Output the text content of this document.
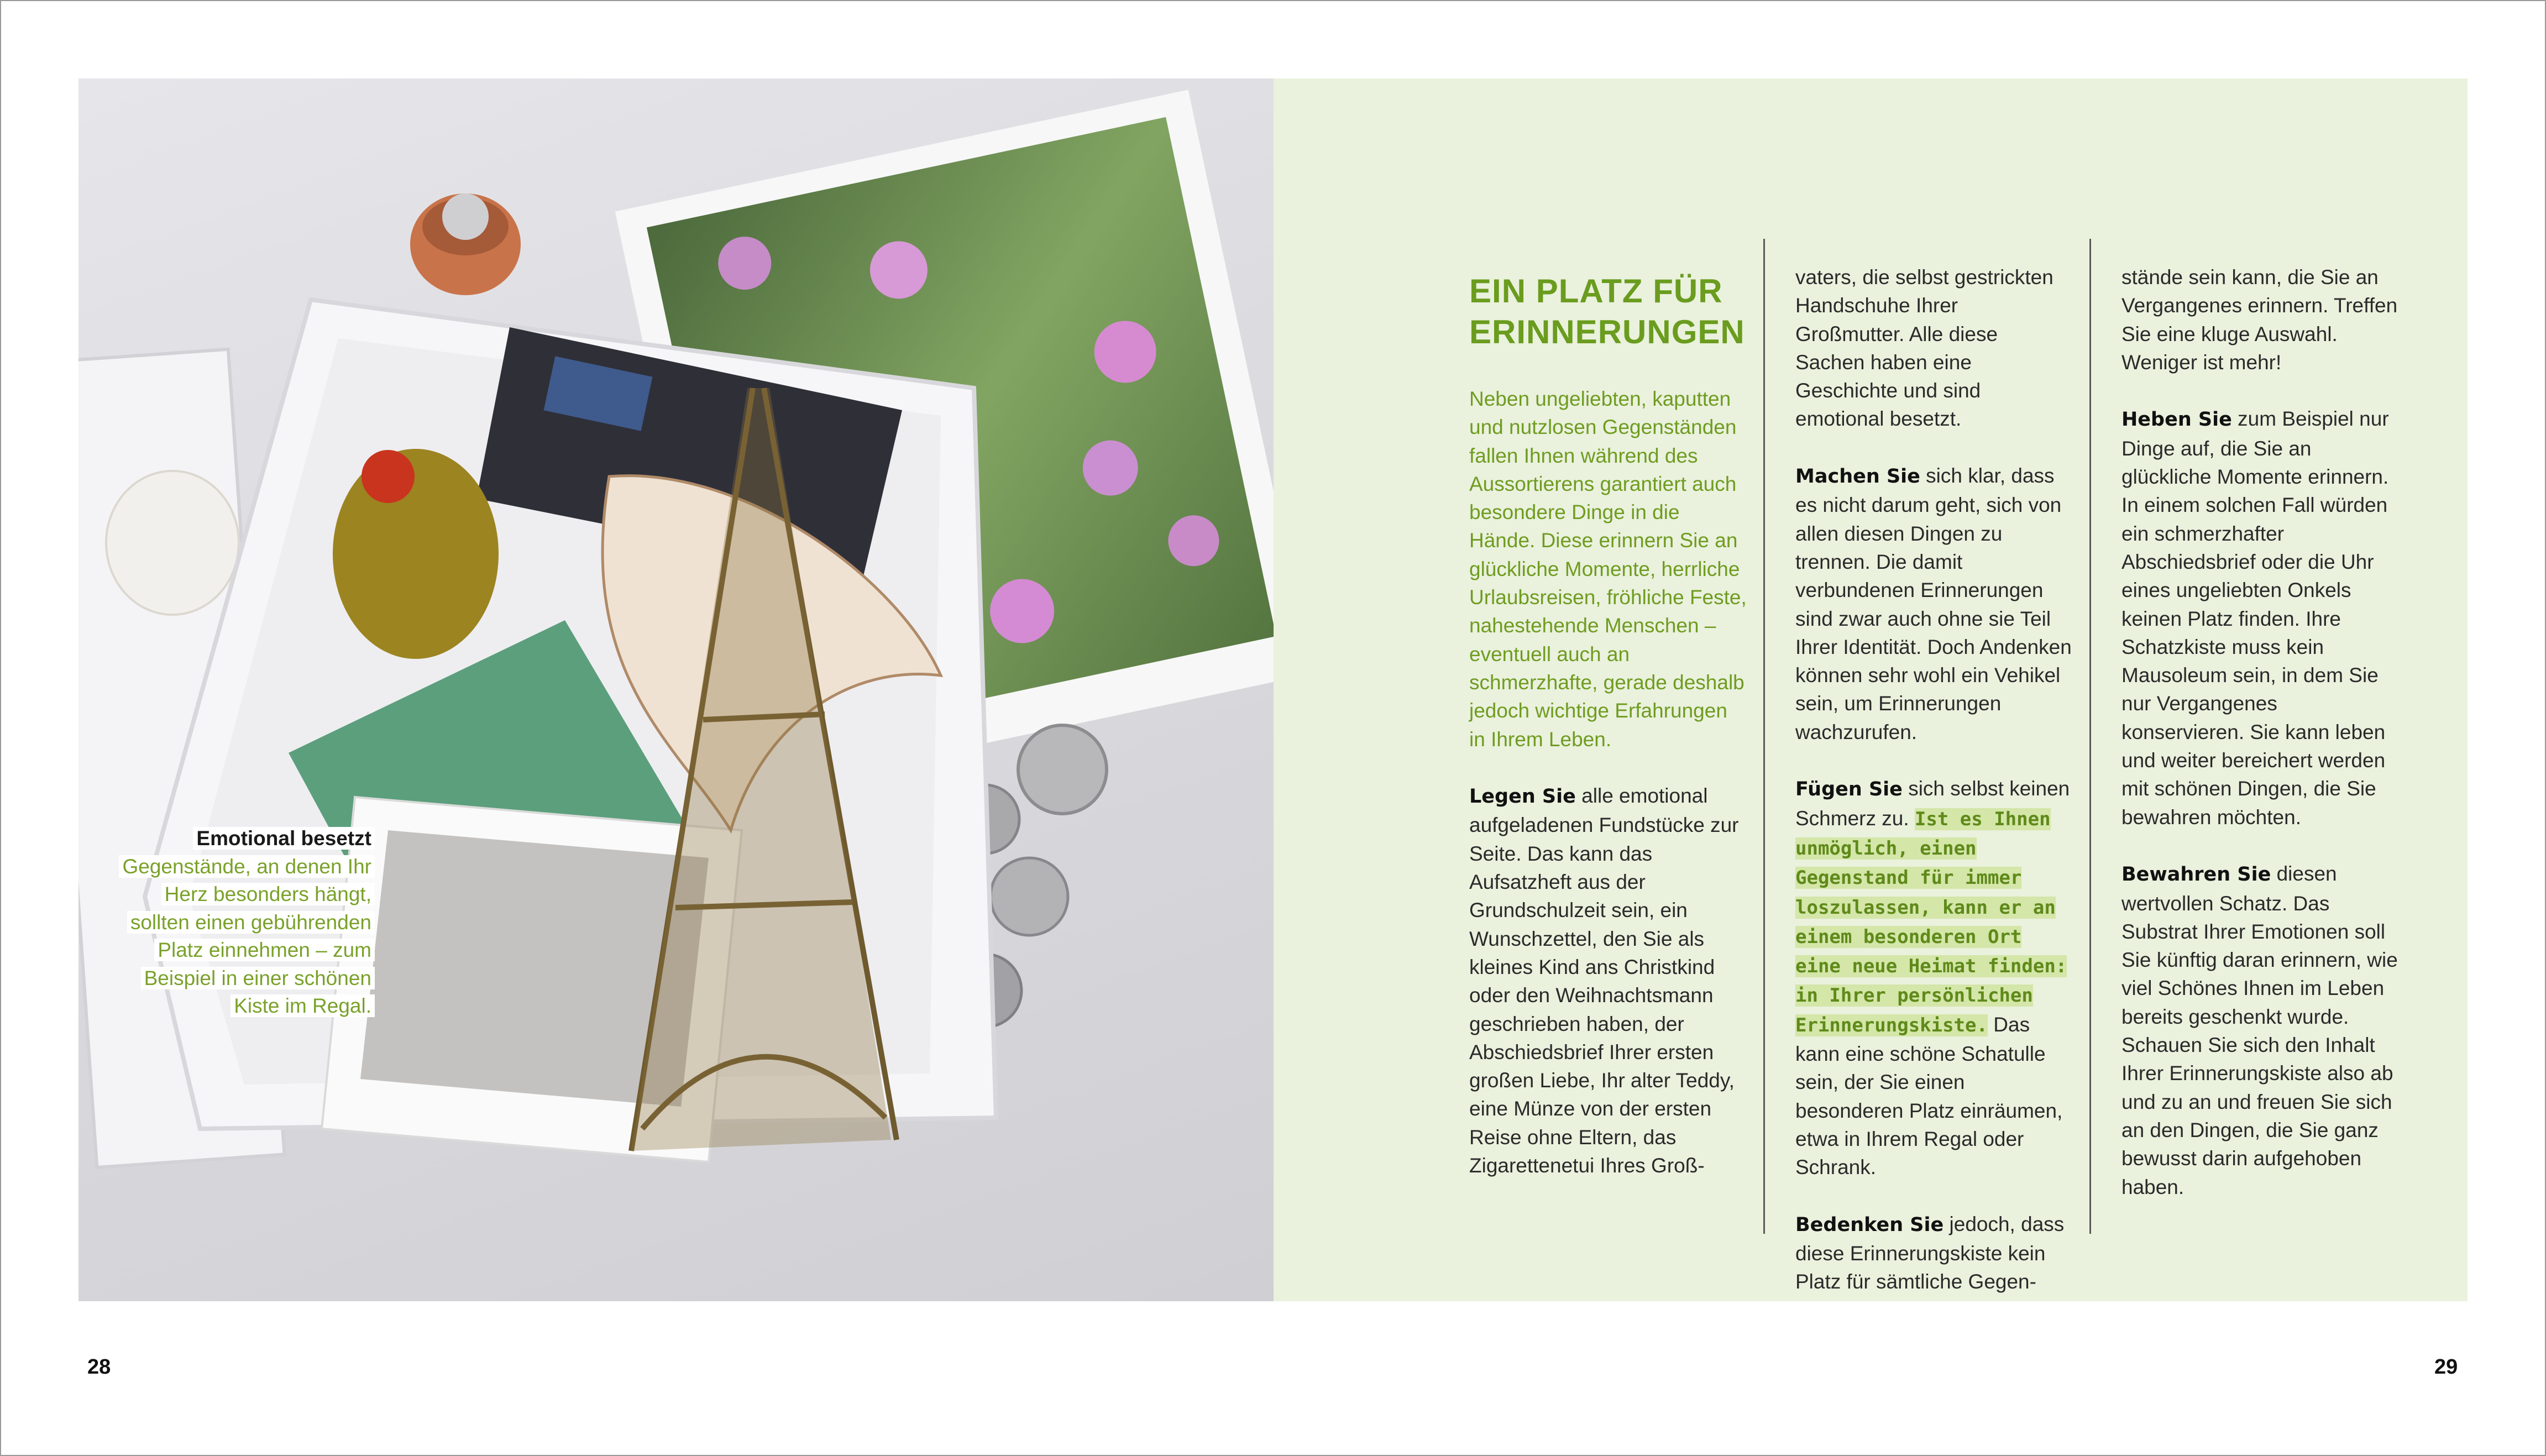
Emotional besetzt
Gegenstände, an denen Ihr Herz besonders hängt, sollten einen gebührenden Platz einnehmen – zum Beispiel in einer schönen Kiste im Regal.
EIN PLATZ FÜR ERINNERUNGEN

Neben ungeliebten, kaputten und nutzlosen Gegenständen fallen Ihnen während des Aussortierens garantiert auch besondere Dinge in die Hände. Diese erinnern Sie an glückliche Momente, herrliche Urlaubsreisen, fröhliche Feste, nahestehende Menschen – eventuell auch an schmerzhafte, gerade deshalb jedoch wichtige Erfahrungen in Ihrem Leben.

Legen Sie alle emotional aufgeladenen Fundstücke zur Seite. Das kann das Aufsatzheft aus der Grundschulzeit sein, ein Wunschzettel, den Sie als kleines Kind ans Christkind oder den Weihnachtsmann geschrieben haben, der Abschiedsbrief Ihrer ersten großen Liebe, Ihr alter Teddy, eine Münze von der ersten Reise ohne Eltern, das Zigarettenetui Ihres Groß-

vaters, die selbst gestrickten Handschuhe Ihrer Großmutter. Alle diese Sachen haben eine Geschichte und sind emotional besetzt.

Machen Sie sich klar, dass es nicht darum geht, sich von allen diesen Dingen zu trennen. Die damit verbundenen Erinnerungen sind zwar auch ohne sie Teil Ihrer Identität. Doch Andenken können sehr wohl ein Vehikel sein, um Erinnerungen wachzurufen.

Fügen Sie sich selbst keinen Schmerz zu. Ist es Ihnen unmöglich, einen Gegenstand für immer loszulassen, kann er an einem besonderen Ort eine neue Heimat finden: in Ihrer persönlichen Erinnerungskiste. Das kann eine schöne Schatulle sein, der Sie einen besonderen Platz einräumen, etwa in Ihrem Regal oder Schrank.

Bedenken Sie jedoch, dass diese Erinnerungskiste kein Platz für sämtliche Gegen-

stände sein kann, die Sie an Vergangenes erinnern. Treffen Sie eine kluge Auswahl. Weniger ist mehr!

Heben Sie zum Beispiel nur Dinge auf, die Sie an glückliche Momente erinnern. In einem solchen Fall würden ein schmerzhafter Abschiedsbrief oder die Uhr eines ungeliebten Onkels keinen Platz finden. Ihre Schatzkiste muss kein Mausoleum sein, in dem Sie nur Vergangenes konservieren. Sie kann leben und weiter bereichert werden mit schönen Dingen, die Sie bewahren möchten.

Bewahren Sie diesen wertvollen Schatz. Das Substrat Ihrer Emotionen soll Sie künftig daran erinnern, wie viel Schönes Ihnen im Leben bereits geschenkt wurde. Schauen Sie sich den Inhalt Ihrer Erinnerungskiste also ab und zu an und freuen Sie sich an den Dingen, die Sie ganz bewusst darin aufgehoben haben.

28	29
